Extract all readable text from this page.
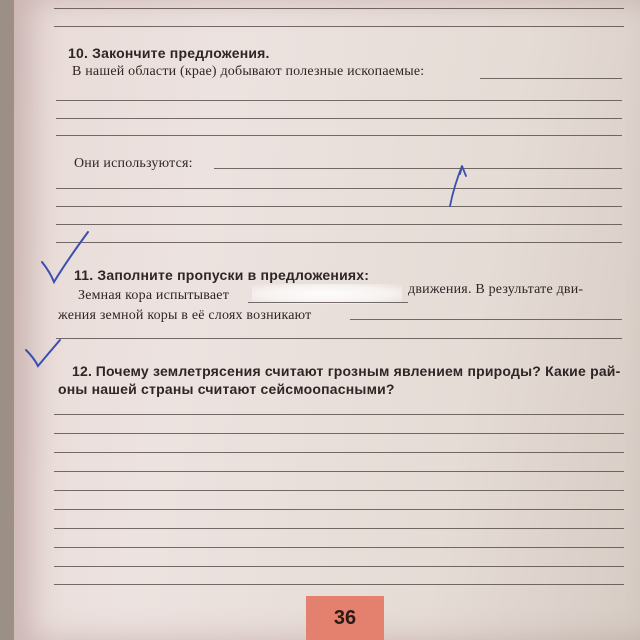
10. Закончите предложения.
В нашей области (крае) добывают полезные ископаемые:
Они используются:
11. Заполните пропуски в предложениях:
Земная кора испытывает	движения. В результате дви-
жения земной коры в её слоях возникают
12. Почему землетрясения считают грозным явлением природы? Какие рай-
оны нашей страны считают сейсмоопасными?
36
